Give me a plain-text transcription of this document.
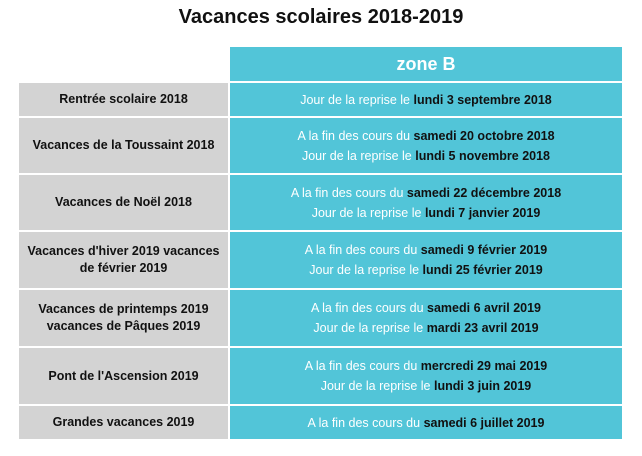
Vacances scolaires 2018-2019
	zone B
Rentrée scolaire 2018	Jour de la reprise le lundi 3 septembre 2018

Vacances de la Toussaint 2018	A la fin des cours du samedi 20 octobre 2018
Jour de la reprise le lundi 5 novembre 2018

Vacances de Noël 2018	A la fin des cours du samedi 22 décembre 2018
Jour de la reprise le lundi 7 janvier 2019

Vacances d'hiver 2019 vacances de février 2019	A la fin des cours du samedi 9 février 2019
Jour de la reprise le lundi 25 février 2019

Vacances de printemps 2019 vacances de Pâques 2019	A la fin des cours du samedi 6 avril 2019
Jour de la reprise le mardi 23 avril 2019

Pont de l'Ascension 2019	A la fin des cours du mercredi 29 mai 2019
Jour de la reprise le lundi 3 juin 2019

Grandes vacances 2019	A la fin des cours du samedi 6 juillet 2019
